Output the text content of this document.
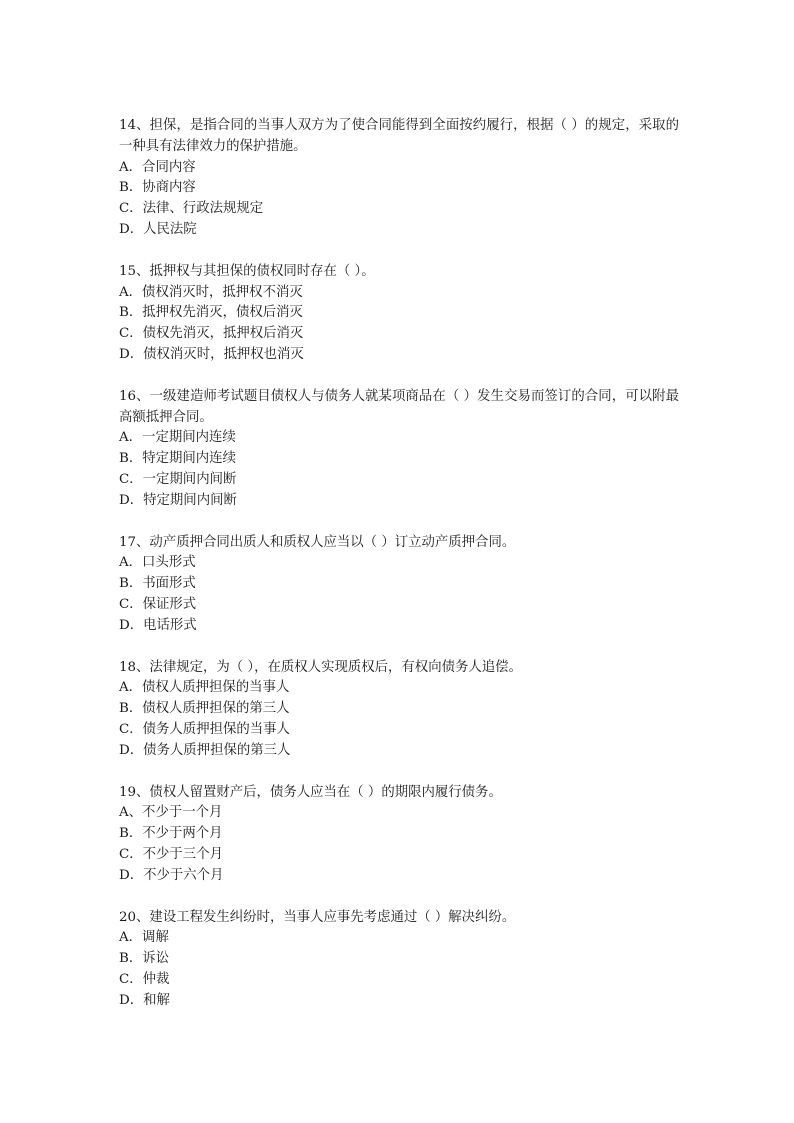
14、担保，是指合同的当事人双方为了使合同能得到全面按约履行，根据（ ）的规定，采取的一种具有法律效力的保护措施。

A．合同内容

B．协商内容

C．法律、行政法规规定

D．人民法院

15、抵押权与其担保的债权同时存在（ ）。

A．债权消灭时，抵押权不消灭

B．抵押权先消灭，债权后消灭

C．债权先消灭，抵押权后消灭

D．债权消灭时，抵押权也消灭

16、一级建造师考试题目债权人与债务人就某项商品在（ ）发生交易而签订的合同，可以附最高额抵押合同。

A．一定期间内连续

B．特定期间内连续

C．一定期间内间断

D．特定期间内间断

17、动产质押合同出质人和质权人应当以（ ）订立动产质押合同。

A．口头形式

B．书面形式

C．保证形式

D．电话形式

18、法律规定，为（ ），在质权人实现质权后，有权向债务人追偿。

A．债权人质押担保的当事人

B．债权人质押担保的第三人

C．债务人质押担保的当事人

D．债务人质押担保的第三人

19、债权人留置财产后，债务人应当在（ ）的期限内履行债务。

A、不少于一个月

B．不少于两个月

C．不少于三个月

D．不少于六个月

20、建设工程发生纠纷时，当事人应事先考虑通过（ ）解决纠纷。

A．调解

B．诉讼

C．仲裁

D．和解
